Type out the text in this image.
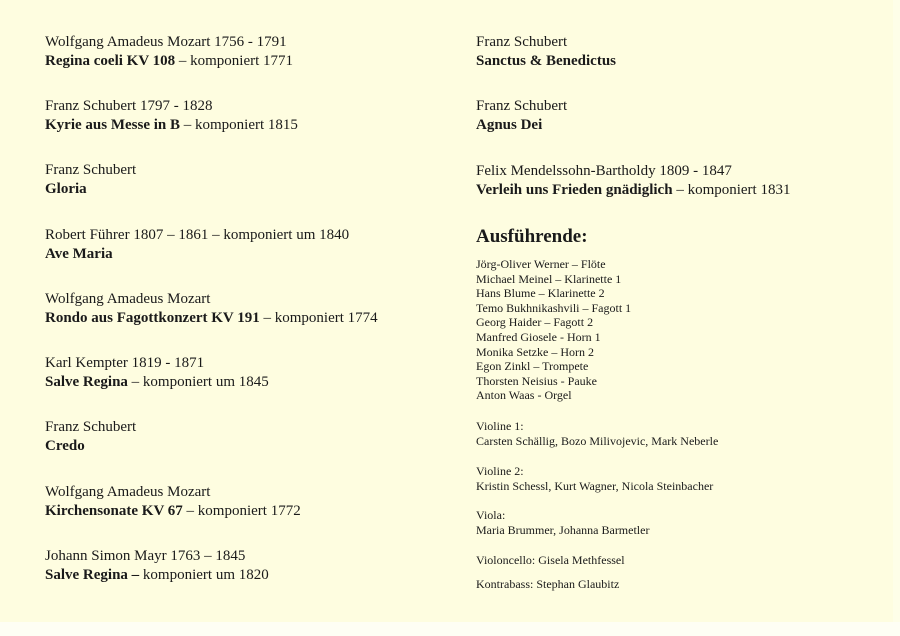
Wolfgang Amadeus Mozart 1756 - 1791
Regina coeli KV 108 – komponiert 1771
Franz Schubert 1797 - 1828
Kyrie aus Messe in B – komponiert 1815
Franz Schubert
Gloria
Robert Führer 1807 – 1861 – komponiert um 1840
Ave Maria
Wolfgang Amadeus Mozart
Rondo aus Fagottkonzert KV 191 – komponiert 1774
Karl Kempter 1819 - 1871
Salve Regina – komponiert um 1845
Franz Schubert
Credo
Wolfgang Amadeus Mozart
Kirchensonate KV 67 – komponiert 1772
Johann Simon Mayr 1763 – 1845
Salve Regina – komponiert um 1820
Franz Schubert
Sanctus & Benedictus
Franz Schubert
Agnus Dei
Felix Mendelssohn-Bartholdy 1809 - 1847
Verleih uns Frieden gnädiglich – komponiert 1831
Ausführende:
Jörg-Oliver Werner – Flöte
Michael Meinel – Klarinette 1
Hans Blume – Klarinette 2
Temo Bukhnikashvili – Fagott 1
Georg Haider – Fagott 2
Manfred Giosele - Horn 1
Monika Setzke – Horn 2
Egon Zinkl – Trompete
Thorsten Neisius - Pauke
Anton Waas - Orgel
Violine 1:
Carsten Schällig, Bozo Milivojevic, Mark Neberle
Violine 2:
Kristin Schessl, Kurt Wagner, Nicola Steinbacher
Viola:
Maria Brummer, Johanna Barmetler
Violoncello: Gisela Methfessel
Kontrabass: Stephan Glaubitz
